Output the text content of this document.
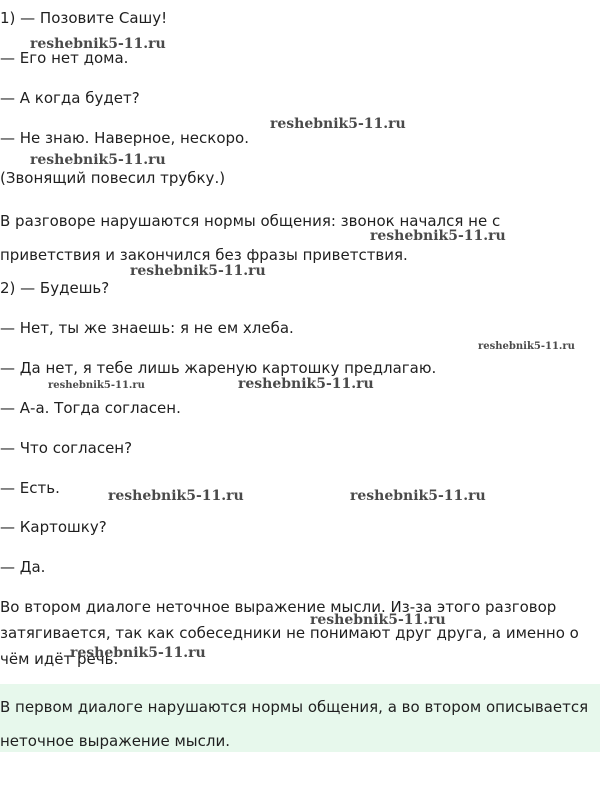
1) — Позовите Сашу!
— Его нет дома.
— А когда будет?
— Не знаю. Наверное, нескоро.
(Звонящий повесил трубку.)
В разговоре нарушаются нормы общения: звонок начался не с приветствия и закончился без фразы приветствия.
2) — Будешь?
— Нет, ты же знаешь: я не ем хлеба.
— Да нет, я тебе лишь жареную картошку предлагаю.
— А-а. Тогда согласен.
— Что согласен?
— Есть.
— Картошку?
— Да.
Во втором диалоге неточное выражение мысли. Из-за этого разговор затягивается, так как собеседники не понимают друг друга, а именно о чём идёт речь.
В первом диалоге нарушаются нормы общения, а во втором описывается неточное выражение мысли.
reshebnik5-11.ru
reshebnik5-11.ru
reshebnik5-11.ru
reshebnik5-11.ru
reshebnik5-11.ru
reshebnik5-11.ru
reshebnik5-11.ru	reshebnik5-11.ru
reshebnik5-11.ru	reshebnik5-11.ru
reshebnik5-11.ru
reshebnik5-11.ru
